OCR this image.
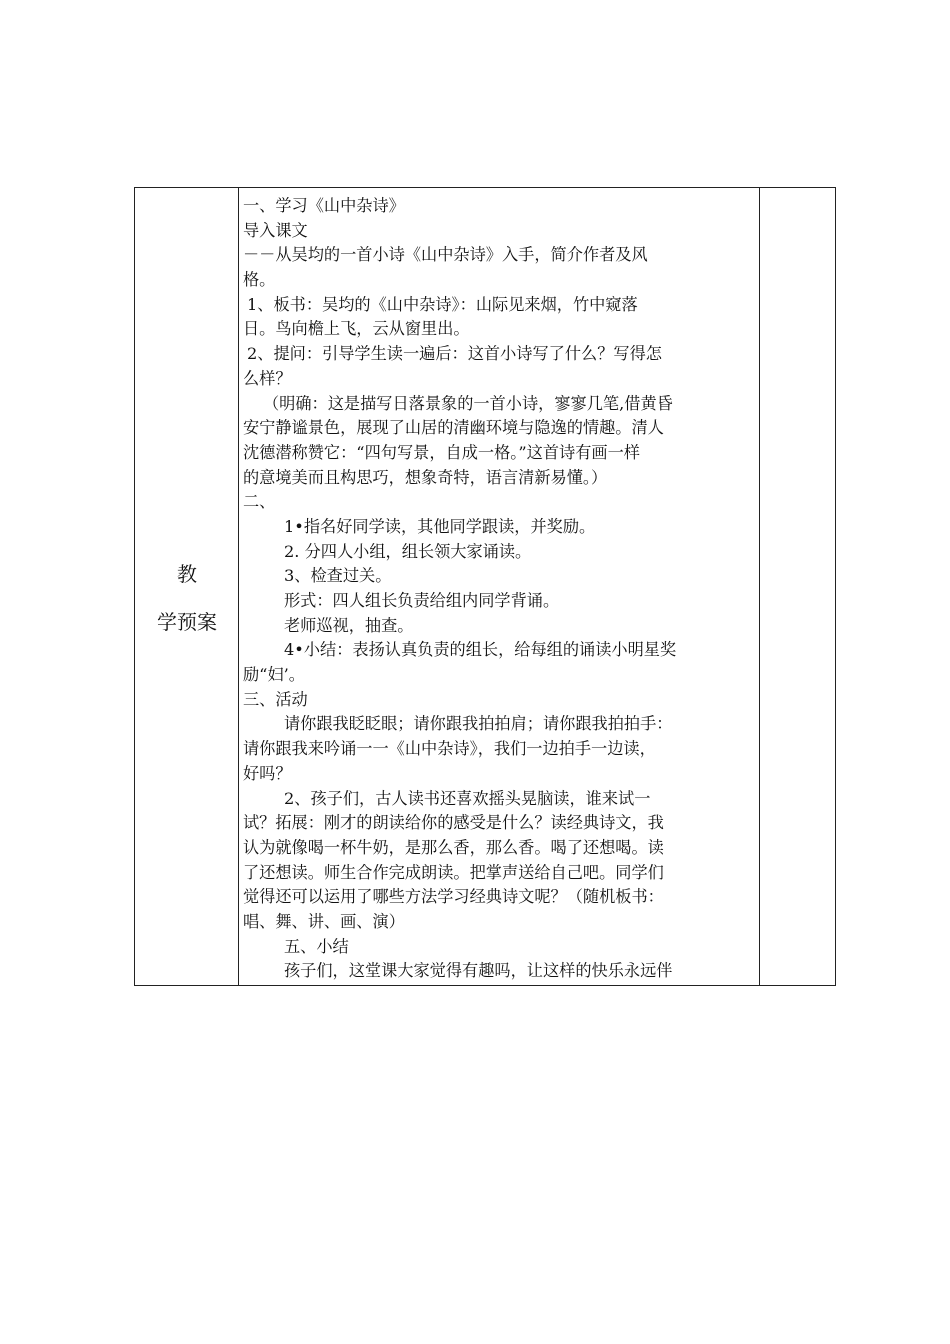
教
学预案
一、学习《山中杂诗》
导入课文
－－从吴均的一首小诗《山中杂诗》入手，简介作者及风
格。
1、板书：吴均的《山中杂诗》：山际见来烟，竹中窥落
日。鸟向檐上飞，云从窗里出。
2、提问：引导学生读一遍后：这首小诗写了什么？写得怎
么样？
（明确：这是描写日落景象的一首小诗，寥寥几笔,借黄昏
安宁静谧景色，展现了山居的清幽环境与隐逸的情趣。清人
沈德潜称赞它：“四句写景，自成一格。”这首诗有画一样
的意境美而且构思巧，想象奇特，语言清新易懂。）
二、
1•指名好同学读，其他同学跟读，并奖励。
2. 分四人小组，组长领大家诵读。
3、检查过关。
形式：四人组长负责给组内同学背诵。
老师巡视，抽查。
4•小结：表扬认真负责的组长，给每组的诵读小明星奖
励“妇’。
三、活动
请你跟我眨眨眼；请你跟我拍拍肩；请你跟我拍拍手：
请你跟我来吟诵一一《山中杂诗》，我们一边拍手一边读，
好吗？
2、孩子们，古人读书还喜欢摇头晃脑读，谁来试一
试？拓展：刚才的朗读给你的感受是什么？读经典诗文，我
认为就像喝一杯牛奶，是那么香，那么香。喝了还想喝。读
了还想读。师生合作完成朗读。把掌声送给自己吧。同学们
觉得还可以运用了哪些方法学习经典诗文呢？（随机板书：
唱、舞、讲、画、演）
五、小结
孩子们，这堂课大家觉得有趣吗，让这样的快乐永远伴
